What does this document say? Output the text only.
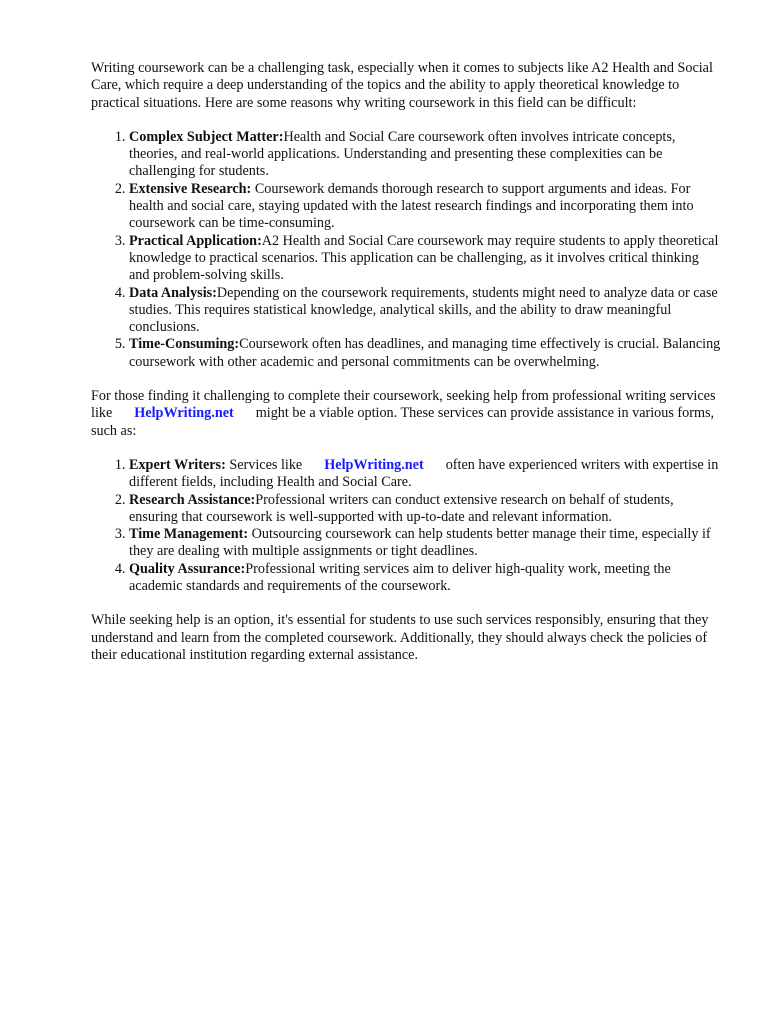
Writing coursework can be a challenging task, especially when it comes to subjects like A2 Health and Social Care, which require a deep understanding of the topics and the ability to apply theoretical knowledge to practical situations. Here are some reasons why writing coursework in this field can be difficult:

1. Complex Subject Matter:Health and Social Care coursework often involves intricate concepts, theories, and real-world applications. Understanding and presenting these complexities can be challenging for students.
2. Extensive Research: Coursework demands thorough research to support arguments and ideas. For health and social care, staying updated with the latest research findings and incorporating them into coursework can be time-consuming.
3. Practical Application:A2 Health and Social Care coursework may require students to apply theoretical knowledge to practical scenarios. This application can be challenging, as it involves critical thinking and problem-solving skills.
4. Data Analysis:Depending on the coursework requirements, students might need to analyze data or case studies. This requires statistical knowledge, analytical skills, and the ability to draw meaningful conclusions.
5. Time-Consuming:Coursework often has deadlines, and managing time effectively is crucial. Balancing coursework with other academic and personal commitments can be overwhelming.

For those finding it challenging to complete their coursework, seeking help from professional writing services like HelpWriting.net might be a viable option. These services can provide assistance in various forms, such as:

1. Expert Writers: Services like HelpWriting.net often have experienced writers with expertise in different fields, including Health and Social Care.
2. Research Assistance:Professional writers can conduct extensive research on behalf of students, ensuring that coursework is well-supported with up-to-date and relevant information.
3. Time Management: Outsourcing coursework can help students better manage their time, especially if they are dealing with multiple assignments or tight deadlines.
4. Quality Assurance:Professional writing services aim to deliver high-quality work, meeting the academic standards and requirements of the coursework.

While seeking help is an option, it's essential for students to use such services responsibly, ensuring that they understand and learn from the completed coursework. Additionally, they should always check the policies of their educational institution regarding external assistance.
